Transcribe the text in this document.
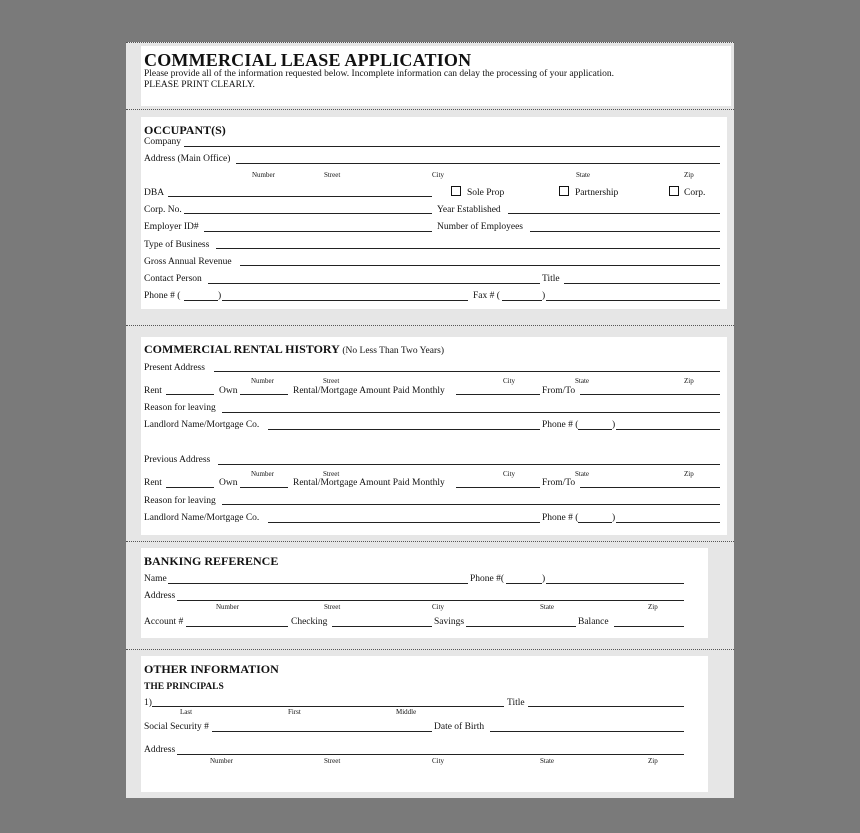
COMMERCIAL LEASE APPLICATION
Please provide all of the information requested below. Incomplete information can delay the processing of your application.
PLEASE PRINT CLEARLY.
OCCUPANT(S)
Company
Address (Main Office)
Number	Street	City	State	Zip
DBA	Sole Prop	Partnership	Corp.
Corp. No.	Year Established
Employer ID#	Number of Employees
Type of Business
Gross Annual Revenue
Contact Person	Title
Phone # (	)	Fax # (	)
COMMERCIAL RENTAL HISTORY (No Less Than Two Years)
Present Address
Number	Street	City	State	Zip
Rent	Own	Rental/Mortgage Amount Paid Monthly	From/To
Reason for leaving
Landlord Name/Mortgage Co.	Phone # (	)
Previous Address
Number	Street	City	State	Zip
Rent	Own	Rental/Mortgage Amount Paid Monthly	From/To
Reason for leaving
Landlord Name/Mortgage Co.	Phone # (	)
BANKING REFERENCE
Name	Phone #(	)
Address
Number	Street	City	State	Zip
Account #	Checking	Savings	Balance
OTHER INFORMATION
THE PRINCIPALS
1)	Title
Last	First	Middle
Social Security #	Date of Birth
Address
Number	Street	City	State	Zip
